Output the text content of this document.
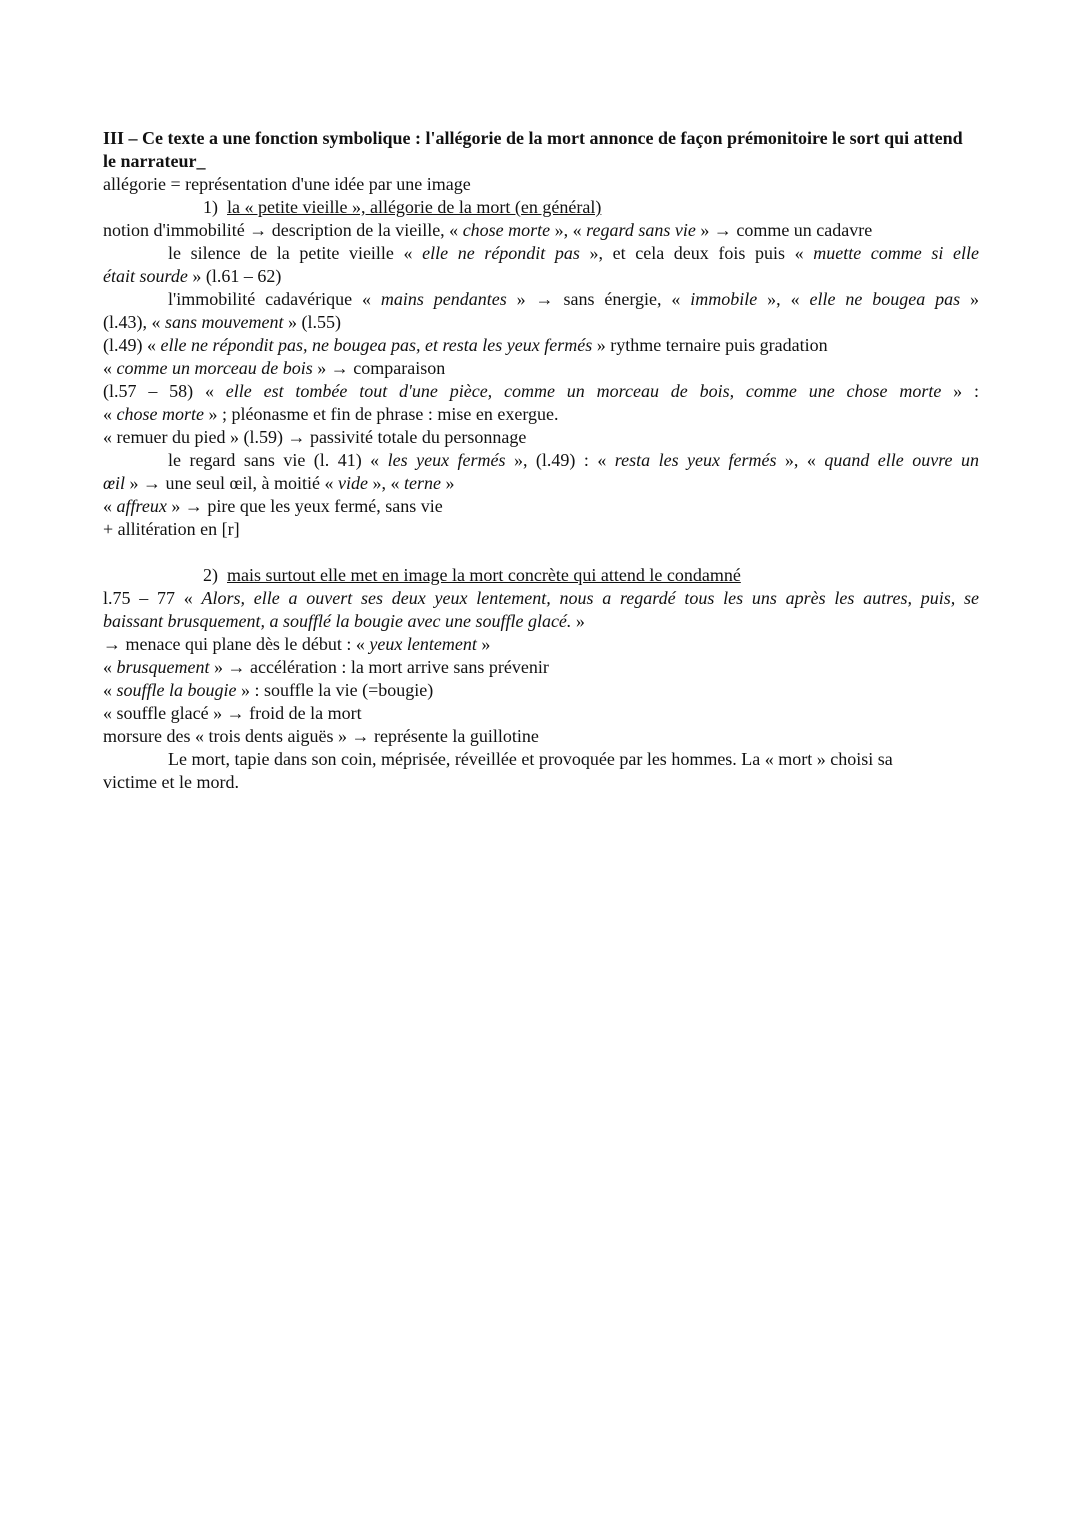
III – Ce texte a une fonction symbolique : l'allégorie de la mort annonce de façon prémonitoire le sort qui attend le narrateur_
allégorie = représentation d'une idée par une image
1) la « petite vieille », allégorie de la mort (en général)
notion d'immobilité → description de la vieille, « chose morte », « regard sans vie » → comme un cadavre
le silence de la petite vieille « elle ne répondit pas », et cela deux fois puis « muette comme si elle
était sourde » (l.61 – 62)
l'immobilité cadavérique « mains pendantes » → sans énergie, « immobile », « elle ne bougea pas »
(l.43), « sans mouvement » (l.55)
(l.49) « elle ne répondit pas, ne bougea pas, et resta les yeux fermés » rythme ternaire puis gradation
« comme un morceau de bois » → comparaison
(l.57 – 58) « elle est tombée tout d'une pièce, comme un morceau de bois, comme une chose morte » :
« chose morte » ; pléonasme et fin de phrase : mise en exergue.
« remuer du pied » (l.59) → passivité totale du personnage
le regard sans vie (l. 41) « les yeux fermés », (l.49) : « resta les yeux fermés », « quand elle ouvre un
œil » → une seul œil, à moitié « vide », « terne »
« affreux » → pire que les yeux fermé, sans vie
+ allitération en [r]
2) mais surtout elle met en image la mort concrète qui attend le condamné
l.75 – 77 « Alors, elle a ouvert ses deux yeux lentement, nous a regardé tous les uns après les autres, puis, se
baissant brusquement, a soufflé la bougie avec une souffle glacé. »
→ menace qui plane dès le début : « yeux lentement »
« brusquement » → accélération : la mort arrive sans prévenir
« souffle la bougie » : souffle la vie (=bougie)
« souffle glacé » → froid de la mort
morsure des « trois dents aiguës » → représente la guillotine
Le mort, tapie dans son coin, méprisée, réveillée et provoquée par les hommes. La « mort » choisi sa
victime et le mord.
